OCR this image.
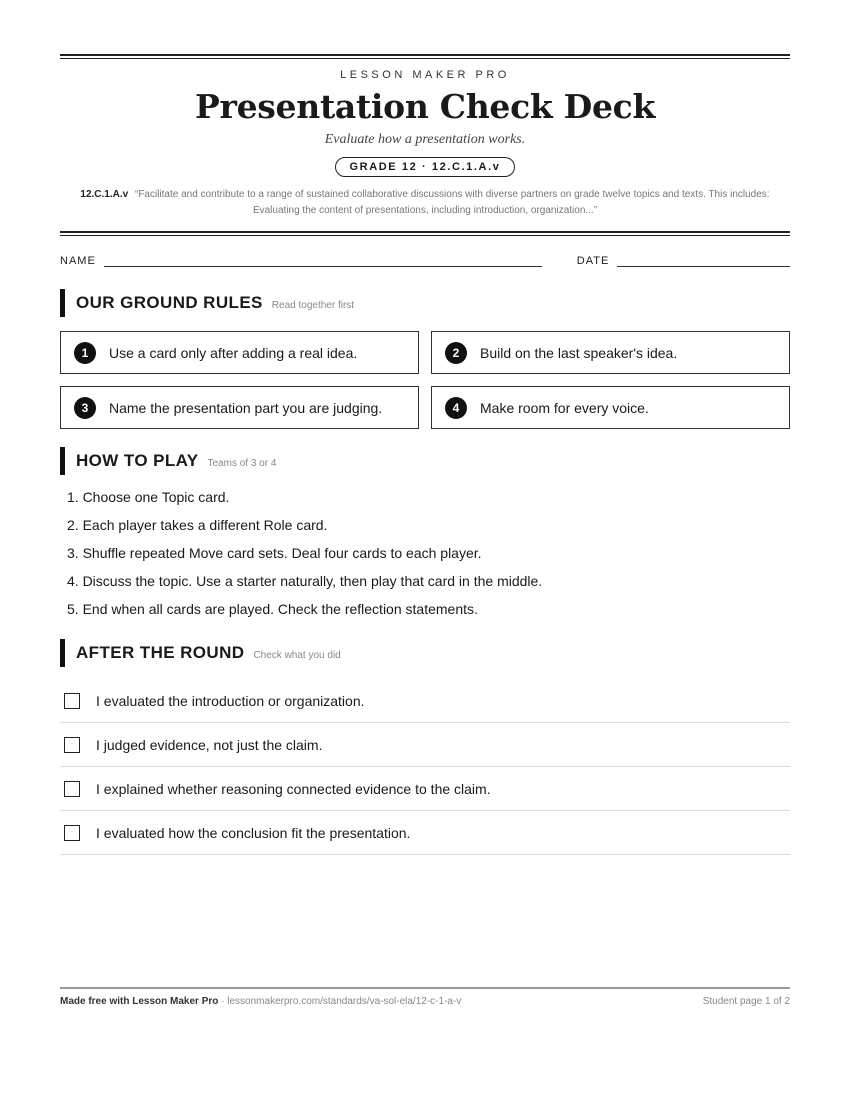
LESSON MAKER PRO
Presentation Check Deck
Evaluate how a presentation works.
GRADE 12 · 12.C.1.A.v
12.C.1.A.v “Facilitate and contribute to a range of sustained collaborative discussions with diverse partners on grade twelve topics and texts. This includes: Evaluating the content of presentations, including introduction, organization...”
NAME	DATE
OUR GROUND RULES Read together first
1	Use a card only after adding a real idea.	2	Build on the last speaker's idea.
3	Name the presentation part you are judging.	4	Make room for every voice.
HOW TO PLAY Teams of 3 or 4
1. Choose one Topic card.
2. Each player takes a different Role card.
3. Shuffle repeated Move card sets. Deal four cards to each player.
4. Discuss the topic. Use a starter naturally, then play that card in the middle.
5. End when all cards are played. Check the reflection statements.
AFTER THE ROUND Check what you did
I evaluated the introduction or organization.
I judged evidence, not just the claim.
I explained whether reasoning connected evidence to the claim.
I evaluated how the conclusion fit the presentation.
Made free with Lesson Maker Pro · lessonmakerpro.com/standards/va-sol-ela/12-c-1-a-v	Student page 1 of 2
